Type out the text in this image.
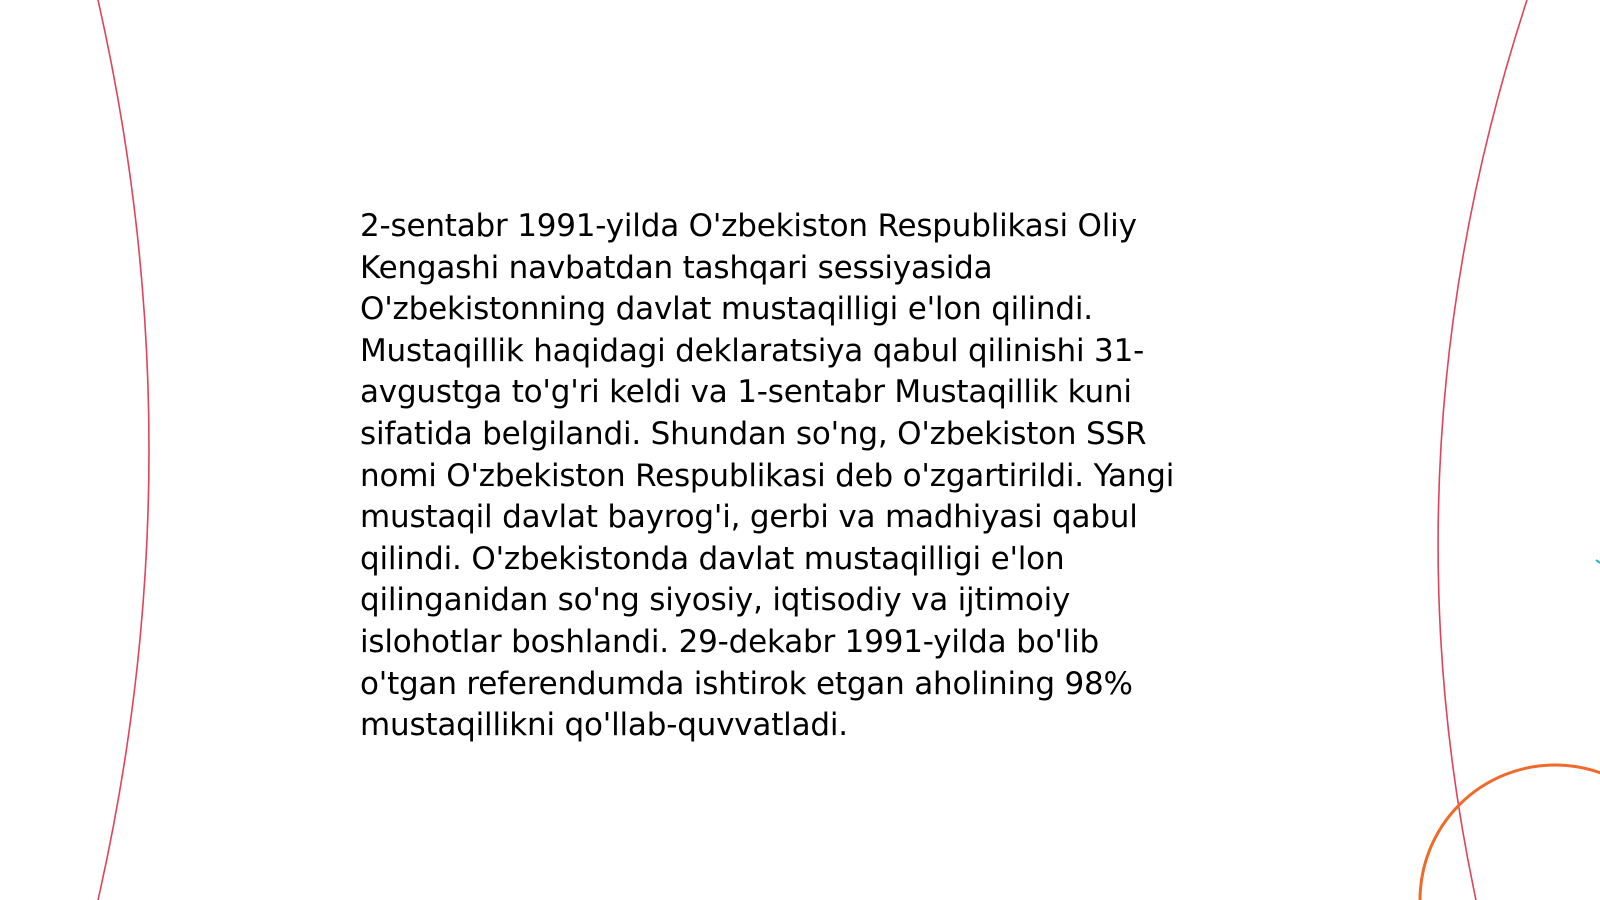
2-sentabr 1991-yilda O'zbekiston Respublikasi Oliy
Kengashi navbatdan tashqari sessiyasida
O'zbekistonning davlat mustaqilligi e'lon qilindi.
Mustaqillik haqidagi deklaratsiya qabul qilinishi 31-
avgustga to'g'ri keldi va 1-sentabr Mustaqillik kuni
sifatida belgilandi. Shundan so'ng, O'zbekiston SSR
nomi O'zbekiston Respublikasi deb o'zgartirildi. Yangi
mustaqil davlat bayrog'i, gerbi va madhiyasi qabul
qilindi. O'zbekistonda davlat mustaqilligi e'lon
qilinganidan so'ng siyosiy, iqtisodiy va ijtimoiy
islohotlar boshlandi. 29-dekabr 1991-yilda bo'lib
o'tgan referendumda ishtirok etgan aholining 98%
mustaqillikni qo'llab-quvvatladi.
